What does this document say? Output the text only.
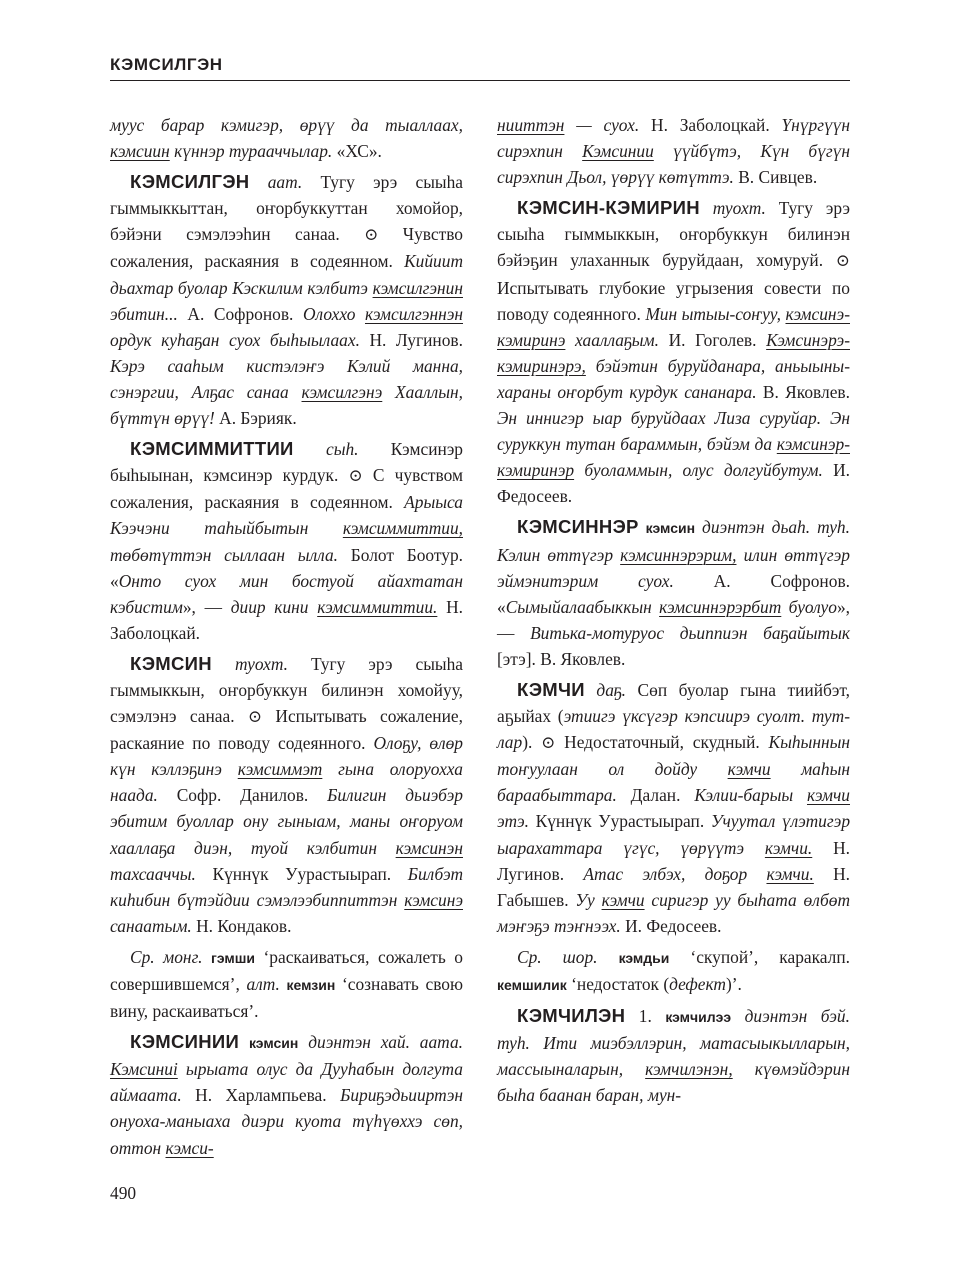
КЭМСИЛГЭН

муус барар кэмигэр, өрүү да тыаллаах, кэмсиин күннэр турааччылар. «ХС».

КЭМСИЛГЭН аат. Тугу эрэ сыыһа гыммыккыттан, оҥорбуккуттан хомойор, бэйэни сэмэлээһин санаа. ⊙ Чувство сожаления, раскаяния в содеянном. Кийиит дьахтар буолар Кэскилим кэлбитэ кэмсилгэнин эбитин... А. Софронов. Олоххо кэмсилгэннэн ордук куһаҕан суох быһыылаах. Н. Лугинов. Кэрэ сааһым кистэлэҥэ Кэлий манна, сэнэргии, Алҕас санаа кэмсилгэнэ Хааллын, бүттүн өрүү! А. Бэрияк.

КЭМСИММИТТИИ сыһ. Кэмсинэр быһыынан, кэмсинэр курдук. ⊙ С чувством сожаления, раскаяния в содеянном. Арыыса Кээчэни таһыйбытын кэмсиммиттии, төбөтүттэн сыллаан ылла. Болот Боотур. «Онто суох мин бостуой айахтатан кэбистим», — диир кини кэмсиммиттии. Н. Заболоцкай.

КЭМСИН туохт. Тугу эрэ сыыһа гыммыккын, оҥорбуккун билинэн хомойуу, сэмэлэнэ санаа. ⊙ Испытывать сожаление, раскаяние по поводу содеянного. Олоҕу, өлөр күн кэллэҕинэ кэмсиммэт гына олоруохха наада. Софр. Данилов. Билигин дьиэбэр эбитим буоллар ону гыныам, маны оҥоруом хааллаҕа диэн, туой кэлбитин кэмсинэн тахсааччы. Күннүк Уурастыырап. Билбэт киһибин бүтэйдии сэмэлээбиппиттэн кэмсинэ санаатым. Н. Кондаков.

Ср. монг. гэмши ‘раскаиваться, сожалеть о совершившемся’, алт. кемзин ‘сознавать свою вину, раскаиваться’.

КЭМСИНИИ кэмсин диэнтэн хай. аата. Кэмсиниі ырыата олус да Дууһабын долгута аймаата. Н. Харлампьева. Бириҕэдьииртэн онуоха-маныаха диэри куота түһүөххэ сөп, оттон кэмси-

нииттэн — суох. Н. Заболоцкай. Үнүргүүн сирэхпин Кэмсинии үүйбүтэ, Күн бүгүн сирэхпин Дьол, үөрүү көтүттэ. В. Сивцев.

КЭМСИН-КЭМИРИН туохт. Тугу эрэ сыыһа гыммыккын, оҥорбуккун билинэн бэйэҕин улаханнык буруйдаан, хомуруй. ⊙ Испытывать глубокие угрызения совести по поводу содеянного. Мин ытыы-соҥуу, кэмсинэ-кэмиринэ хааллаҕым. И. Гоголев. Кэмсинэрэ-кэмиринэрэ, бэйэтин буруйданара, аньыыны-хараны оҥорбут курдук сананара. В. Яковлев. Эн иннигэр ыар буруйдаах Лиза суруйар. Эн суруккун тутан бараммын, бэйэм да кэмсинэр-кэмиринэр буоламмын, олус долгуйбутум. И. Федосеев.

КЭМСИННЭР кэмсин диэнтэн дьаһ. туһ. Кэлин өттүгэр кэмсиннэрэрим, илин өттүгэр эймэнитэрим суох. А. Софронов. «Сымыйалаабыккын кэмсиннэрэрбит буолуо», — Витька-мотуруос дьиппиэн баҕайытык [этэ]. В. Яковлев.

КЭМЧИ даҕ. Сөп буолар гына тиийбэт, аҕыйах (этиигэ үксүгэр кэпсиирэ суолт. тут-лар). ⊙ Недостаточный, скудный. Кыһыннын тоҥуулаан ол дойду кэмчи маһын бараабыттара. Далан. Кэлии-барыы кэмчи этэ. Күннүк Уурастыырап. Учуутал үлэтигэр ыарахаттара үгүс, үөрүүтэ кэмчи. Н. Лугинов. Атас элбэх, доҕор кэмчи. Н. Габышев. Уу кэмчи сиригэр уу быһата өлбөт мэҥэҕэ тэҥнээх. И. Федосеев.

Ср. шор. кэмдьи ‘скупой’, каракалп. кемшилик ‘недостаток (дефект)’.

КЭМЧИЛЭН 1. кэмчилээ диэнтэн бэй. туһ. Ити миэбэллэрин, матасыыкылларын, массыыналарын, кэмчилэнэн, күөмэйдэрин быһа баанан баран, мун-

490
